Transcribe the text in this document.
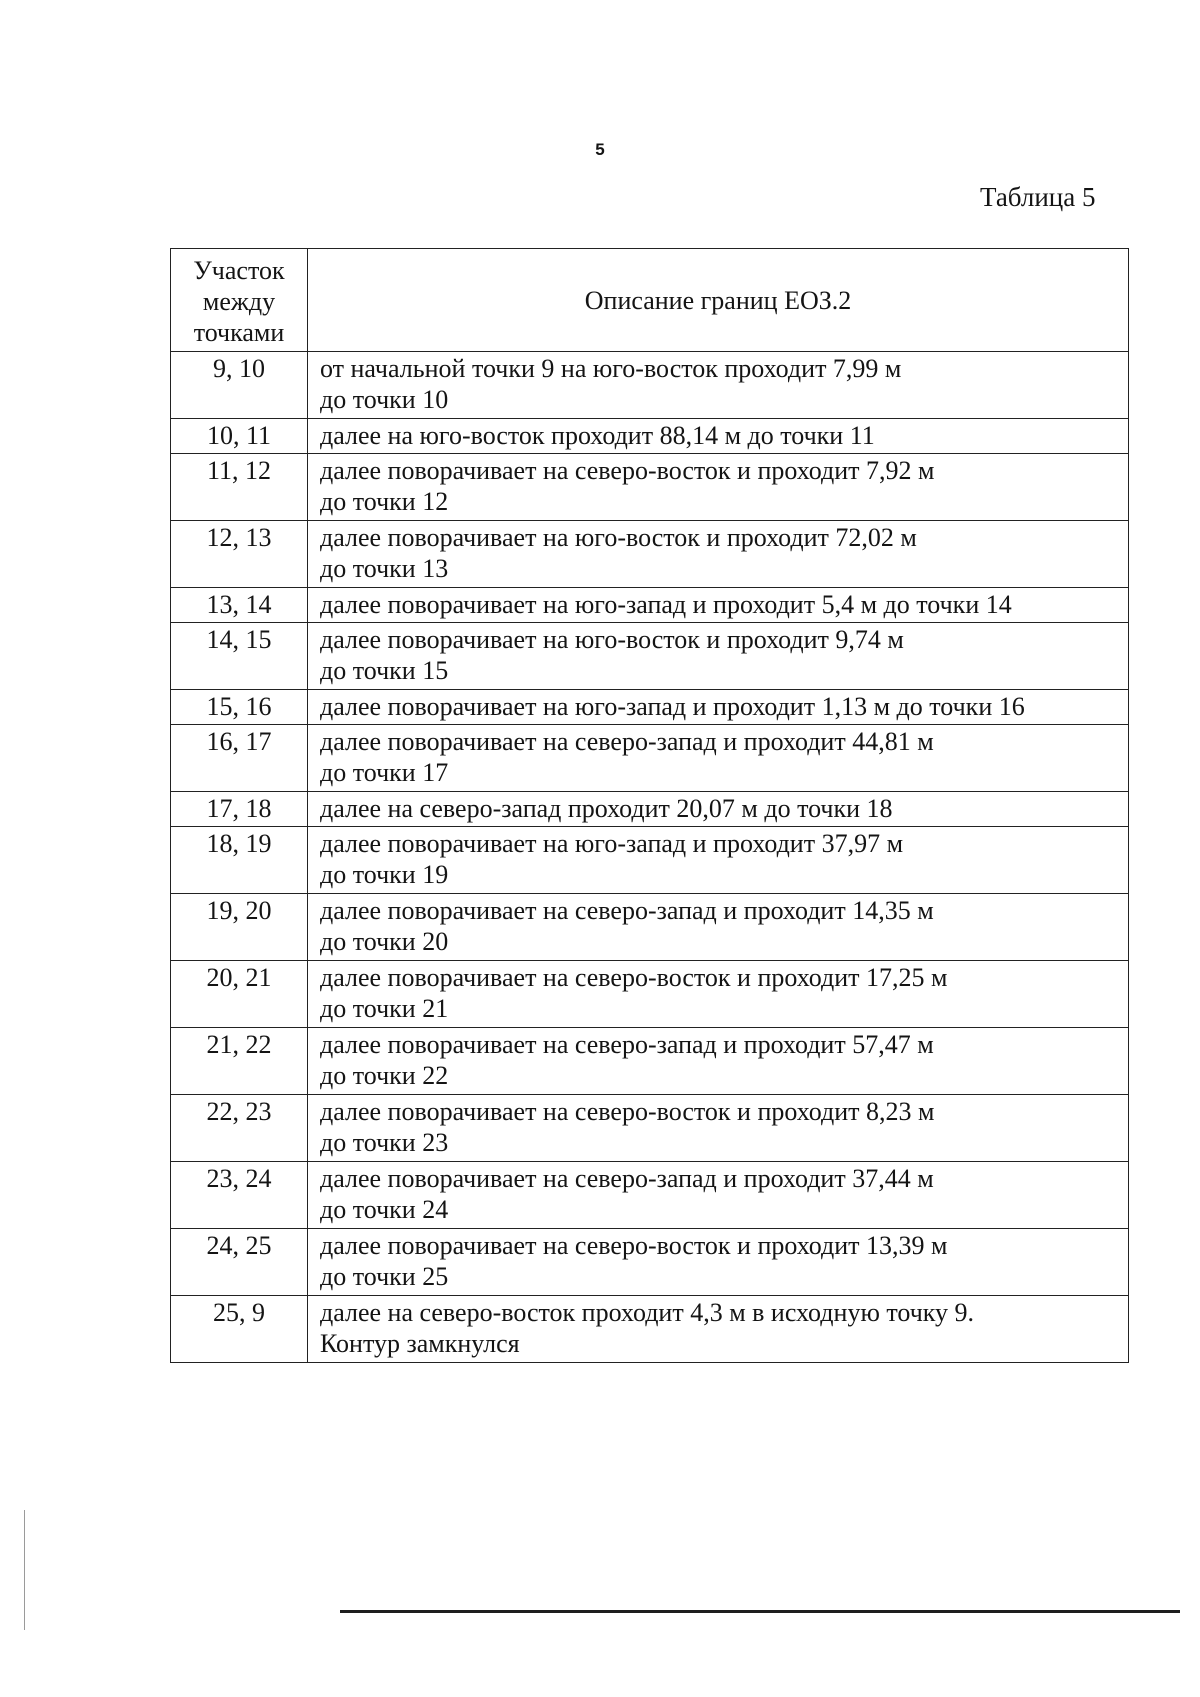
5
Таблица 5
Участок
между
точками	Описание границ ЕОЗ.2
9, 10	от начальной точки 9 на юго-восток проходит 7,99 м
до точки 10

10, 11	далее на юго-восток проходит 88,14 м до точки 11

11, 12	далее поворачивает на северо-восток и проходит 7,92 м
до точки 12

12, 13	далее поворачивает на юго-восток и проходит 72,02 м
до точки 13

13, 14	далее поворачивает на юго-запад и проходит 5,4 м до точки 14

14, 15	далее поворачивает на юго-восток и проходит 9,74 м
до точки 15

15, 16	далее поворачивает на юго-запад и проходит 1,13 м до точки 16

16, 17	далее поворачивает на северо-запад и проходит 44,81 м
до точки 17

17, 18	далее на северо-запад проходит 20,07 м до точки 18

18, 19	далее поворачивает на юго-запад и проходит 37,97 м
до точки 19

19, 20	далее поворачивает на северо-запад и проходит 14,35 м
до точки 20

20, 21	далее поворачивает на северо-восток и проходит 17,25 м
до точки 21

21, 22	далее поворачивает на северо-запад и проходит 57,47 м
до точки 22

22, 23	далее поворачивает на северо-восток и проходит 8,23 м
до точки 23

23, 24	далее поворачивает на северо-запад и проходит 37,44 м
до точки 24

24, 25	далее поворачивает на северо-восток и проходит 13,39 м
до точки 25

25, 9	далее на северо-восток проходит 4,3 м в исходную точку 9.
Контур замкнулся
